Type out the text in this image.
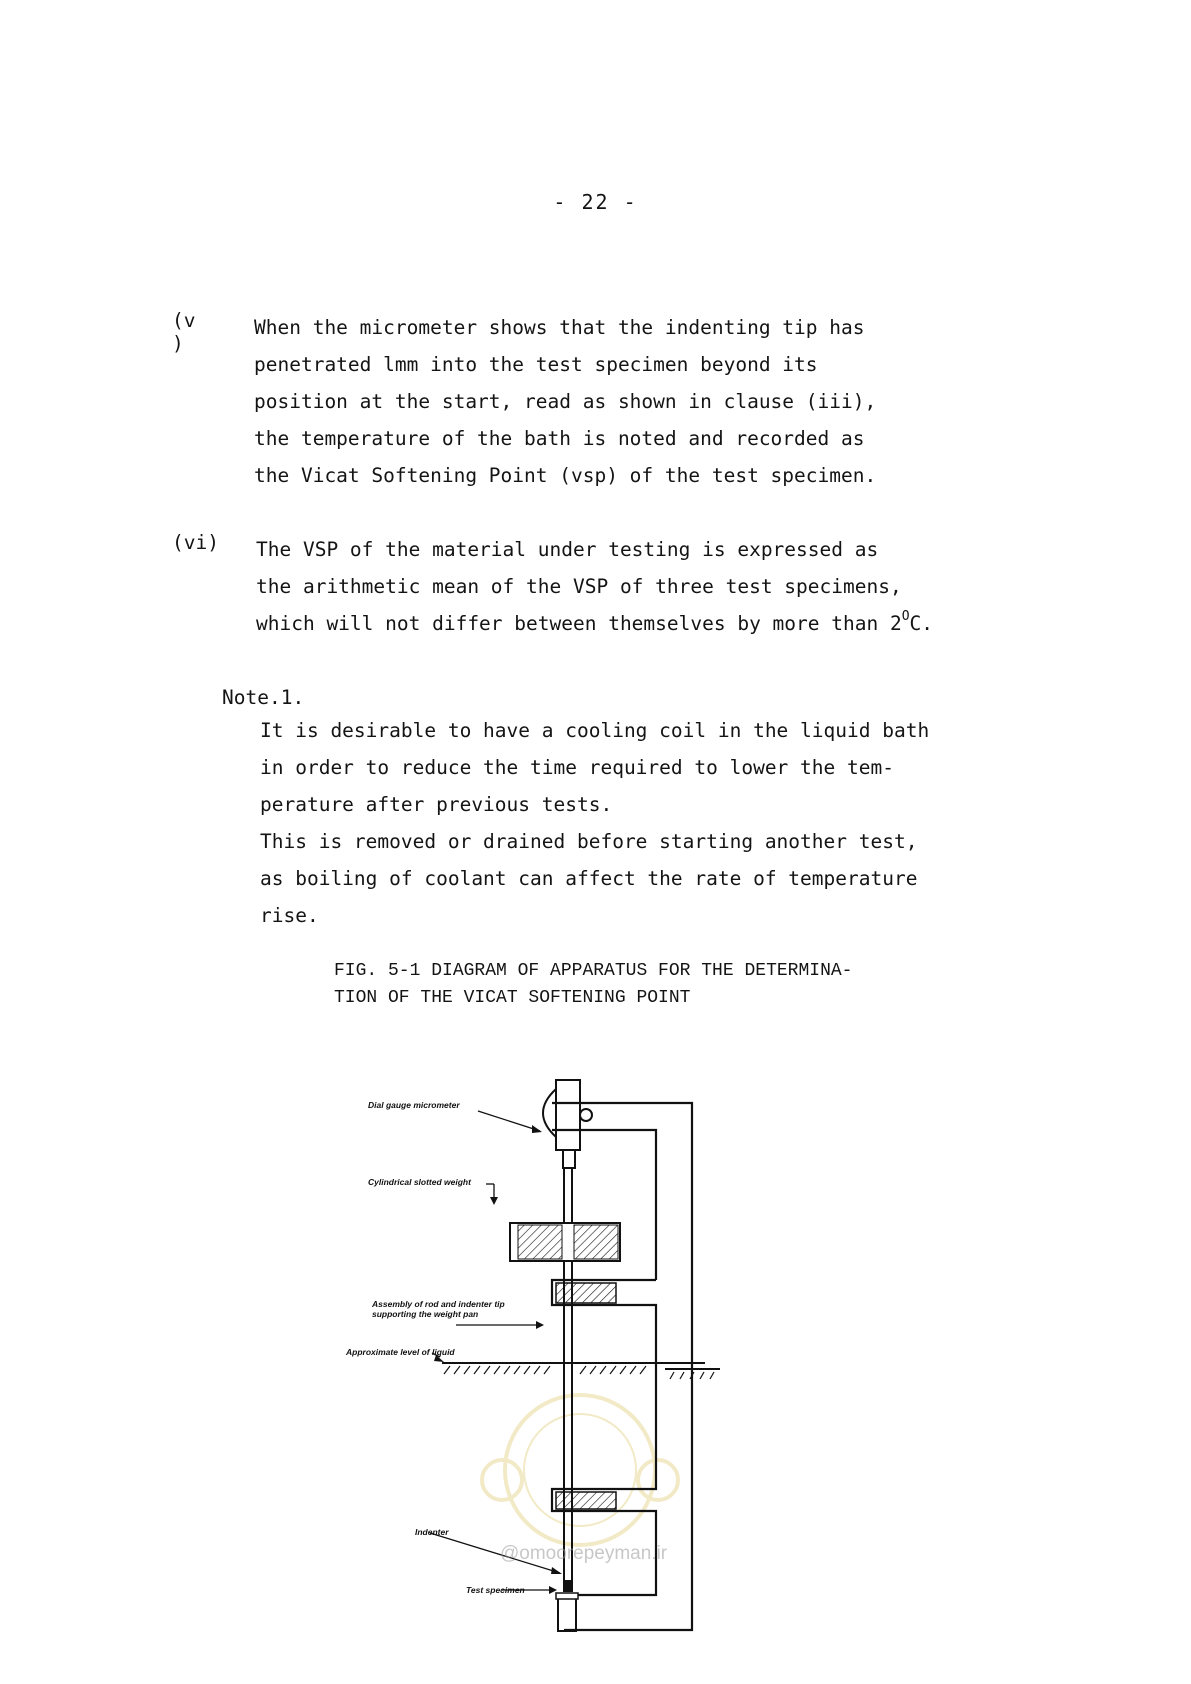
- 22 -
(v )
When the micrometer shows that the indenting tip has
penetrated lmm into the test specimen beyond its
position at the start, read as shown in clause (iii),
the temperature of the bath is noted and recorded as
the Vicat Softening Point (vsp) of the test specimen.
(vi) The VSP of the material under testing is expressed as
the arithmetic mean of the VSP of three test specimens,
which will not differ between themselves by more than $2^OC$.
Note.1.
It is desirable to have a cooling coil in the liquid bath
in order to reduce the time required to lower the tem-
perature after previous tests.
This is removed or drained before starting another test,
as boiling of coolant can affect the rate of temperature
rise.
FIG. 5-1 DIAGRAM OF APPARATUS FOR THE DETERMINA-
TION OF THE VICAT SOFTENING POINT
Dial gauge micrometer
Cylindrical slotted weight
Assembly of rod and indenter tip
supporting the weight pan
Approximate level of liquid
Indenter
Test specimen
@omoorepeyman.ir
